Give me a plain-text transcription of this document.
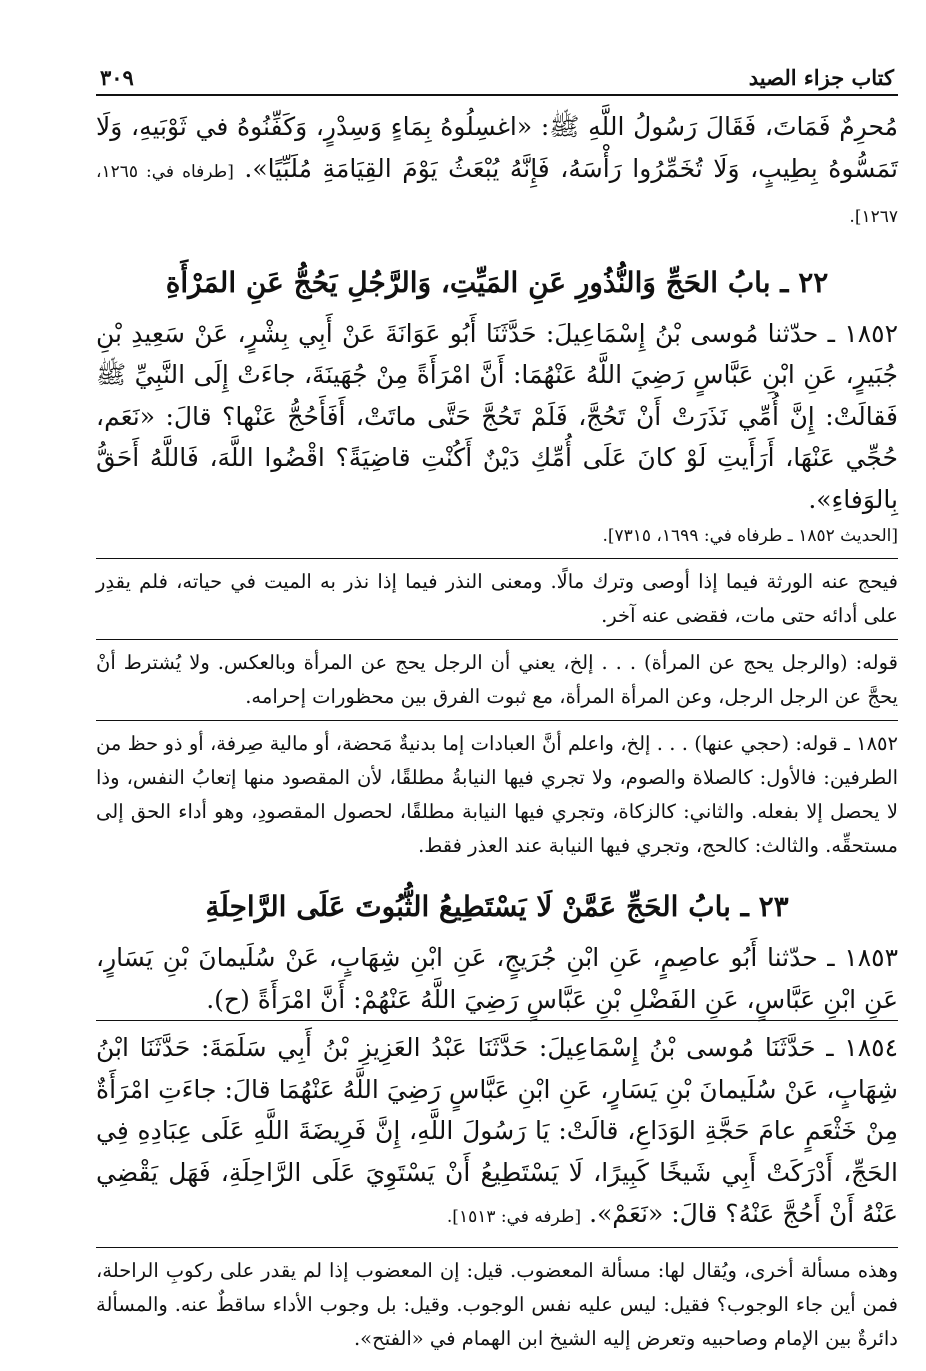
كتاب جزاء الصيد
٣٠٩

مُحرِمٌ فَمَاتَ، فَقَالَ رَسُولُ اللَّهِ ﷺ: «اغسِلُوهُ بِمَاءٍ وَسِدْرٍ، وَكَفِّنُوهُ في ثَوْبَيهِ، وَلَا تَمَسُّوهُ بِطِيبٍ، وَلَا تُخَمِّرُوا رَأْسَهُ، فَإِنَّهُ يُبْعَثُ يَوْمَ القِيَامَةِ مُلَبِّيًا». [طرفاه في: ١٢٦٥، ١٢٦٧].

٢٢ ـ بابُ الحَجِّ وَالنُّذُورِ عَنِ المَيِّتِ، وَالرَّجُلِ يَحُجُّ عَنِ المَرْأَةِ

١٨٥٢ ـ حدّثنا مُوسى بْنُ إِسْمَاعِيلَ: حَدَّثَنَا أَبُو عَوَانَةَ عَنْ أَبِي بِشْرٍ، عَنْ سَعِيدِ بْنِ جُبَيرٍ، عَنِ ابْنِ عَبَّاسٍ رَضِيَ اللَّهُ عَنْهُمَا: أَنَّ امْرَأَةً مِنْ جُهَينَةَ، جاءَتْ إِلَى النَّبِيِّ ﷺ فَقالَتْ: إِنَّ أُمِّي نَذَرَتْ أَنْ تَحُجَّ، فَلَمْ تَحُجَّ حَتَّى ماتَتْ، أَفَأَحُجُّ عَنْها؟ قالَ: «نَعَم، حُجِّي عَنْهَا، أَرَأَيتِ لَوْ كانَ عَلَى أُمِّكِ دَيْنٌ أَكُنْتِ قاضِيَةً؟ اقْضُوا اللَّهَ، فَاللَّهُ أَحَقُّ بِالوَفاءِ».

[الحديث ١٨٥٢ ـ طرفاه في: ١٦٩٩، ٧٣١٥].

فيحج عنه الورثة فيما إذا أوصى وترك مالًا. ومعنى النذر فيما إذا نذر به الميت في حياته، فلم يقدِر على أدائه حتى مات، فقضى عنه آخر.

قوله: (والرجل يحج عن المرأة) . . . إلخ، يعني أن الرجل يحج عن المرأة وبالعكس. ولا يُشترط أنْ يحجَّ عن الرجل الرجل، وعن المرأة المرأة، مع ثبوت الفرق بين محظورات إحرامه.

١٨٥٢ ـ قوله: (حجي عنها) . . . إلخ، واعلم أنَّ العبادات إما بدنيةٌ مَحضة، أو مالية صِرفة، أو ذو حظ من الطرفين: فالأول: كالصلاة والصوم، ولا تجري فيها النيابةُ مطلقًا، لأن المقصود منها إتعابُ النفس، وذا لا يحصل إلا بفعله. والثاني: كالزكاة، وتجري فيها النيابة مطلقًا، لحصول المقصودِ، وهو أداء الحق إلى مستحقِّه. والثالث: كالحج، وتجري فيها النيابة عند العذر فقط.

٢٣ ـ بابُ الحَجِّ عَمَّنْ لَا يَسْتَطِيعُ الثُّبُوتَ عَلَى الرَّاحِلَةِ

١٨٥٣ ـ حدّثنا أَبُو عاصِمٍ، عَنِ ابْنِ جُرَيجٍ، عَنِ ابْنِ شِهَابٍ، عَنْ سُلَيمانَ بْنِ يَسَارٍ، عَنِ ابْنِ عَبَّاسٍ، عَنِ الفَضْلِ بْنِ عَبَّاسٍ رَضِيَ اللَّهُ عَنْهُمْ: أَنَّ امْرَأَةً (ح).

١٨٥٤ ـ حَدَّثَنَا مُوسى بْنُ إِسْمَاعِيلَ: حَدَّثَنَا عَبْدُ العَزِيزِ بْنُ أَبِي سَلَمَةَ: حَدَّثَنَا ابْنُ شِهَابٍ، عَنْ سُلَيمانَ بْنِ يَسَارٍ، عَنِ ابْنِ عَبَّاسٍ رَضِيَ اللَّهُ عَنْهُمَا قالَ: جاءَتِ امْرَأَةٌ مِنْ خَثْعَمٍ عامَ حَجَّةِ الوَدَاعِ، قالَتْ: يَا رَسُولَ اللَّهِ، إِنَّ فَرِيضَةَ اللَّهِ عَلَى عِبَادِهِ فِي الحَجِّ، أَدْرَكَتْ أَبِي شَيخًا كَبِيرًا، لَا يَسْتَطِيعُ أَنْ يَسْتَوِيَ عَلَى الرَّاحِلَةِ، فَهَل يَقْضِي عَنْهُ أَنْ أَحُجَّ عَنْهُ؟ قالَ: «نَعَمْ». [طرفه في: ١٥١٣].

وهذه مسألة أخرى، ويُقال لها: مسألة المعضوب. قيل: إن المعضوب إذا لم يقدر على ركوبِ الراحلة، فمن أين جاء الوجوب؟ فقيل: ليس عليه نفس الوجوب. وقيل: بل وجوب الأداء ساقطٌ عنه. والمسألة دائرةٌ بين الإمام وصاحبيه وتعرض إليه الشيخ ابن الهمام في «الفتح».
